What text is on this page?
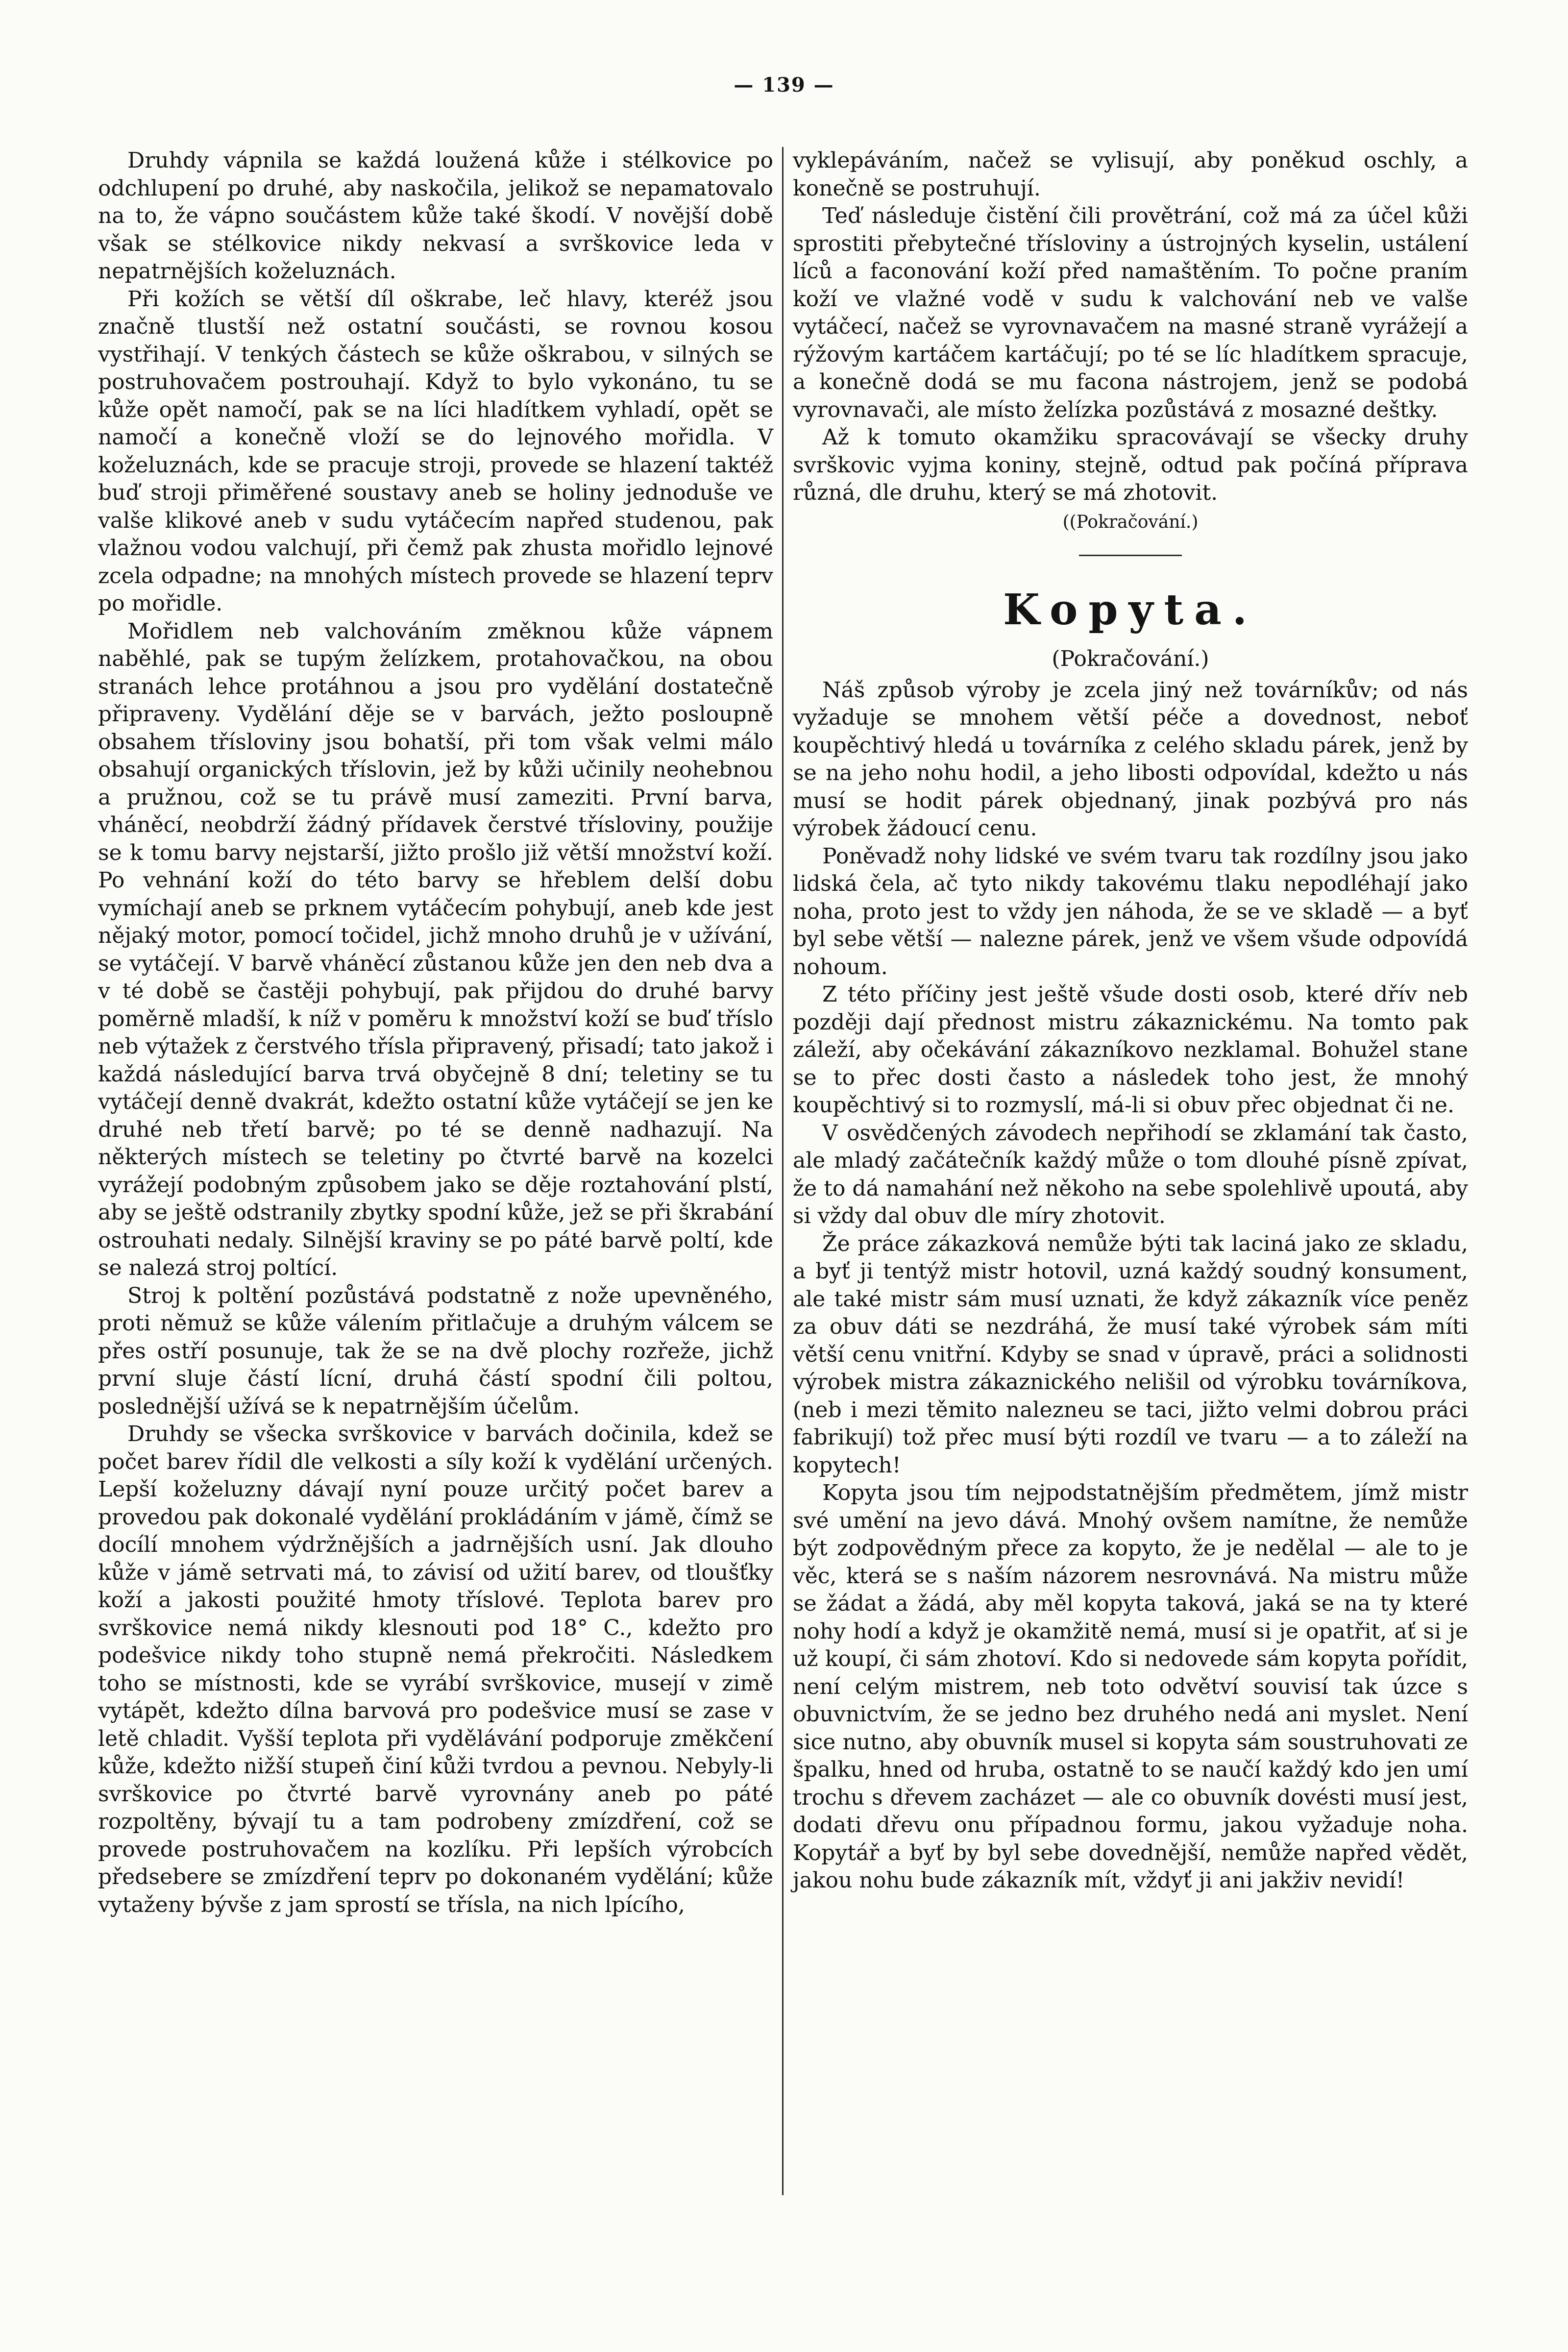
— 139 —

Druhdy vápnila se každá loužená kůže i stélkovice po odchlupení po druhé, aby naskočila, jelikož se nepamatovalo na to, že vápno součástem kůže také škodí. V novější době však se stélkovice nikdy nekvasí a svrškovice leda v nepatrnějších koželuznách.

Při kožích se větší díl oškrabe, leč hlavy, kteréž jsou značně tlustší než ostatní součásti, se rovnou kosou vystřihají. V tenkých částech se kůže oškrabou, v silných se postruhovačem postrouhají. Když to bylo vykonáno, tu se kůže opět namočí, pak se na líci hladítkem vyhladí, opět se namočí a konečně vloží se do lejnového mořidla. V koželuznách, kde se pracuje stroji, provede se hlazení taktéž buď stroji přiměřené soustavy aneb se holiny jednoduše ve valše klikové aneb v sudu vytáčecím napřed studenou, pak vlažnou vodou valchují, při čemž pak zhusta mořidlo lejnové zcela odpadne; na mnohých místech provede se hlazení teprv po mořidle.

Mořidlem neb valchováním změknou kůže vápnem naběhlé, pak se tupým želízkem, protahovačkou, na obou stranách lehce protáhnou a jsou pro vydělání dostatečně připraveny. Vydělání děje se v barvách, ježto posloupně obsahem třísloviny jsou bohatší, při tom však velmi málo obsahují organických tříslovin, jež by kůži učinily neohebnou a pružnou, což se tu právě musí zameziti. První barva, vháněcí, neobdrží žádný přídavek čerstvé třísloviny, použije se k tomu barvy nejstarší, jižto prošlo již větší množství koží. Po vehnání koží do této barvy se hřeblem delší dobu vymíchají aneb se prknem vytáčecím pohybují, aneb kde jest nějaký motor, pomocí točidel, jichž mnoho druhů je v užívání, se vytáčejí. V barvě vháněcí zůstanou kůže jen den neb dva a v té době se častěji pohybují, pak přijdou do druhé barvy poměrně mladší, k níž v poměru k množství koží se buď tříslo neb výtažek z čerstvého třísla připravený, přisadí; tato jakož i každá následující barva trvá obyčejně 8 dní; teletiny se tu vytáčejí denně dvakrát, kdežto ostatní kůže vytáčejí se jen ke druhé neb třetí barvě; po té se denně nadhazují. Na některých místech se teletiny po čtvrté barvě na kozelci vyrážejí podobným způsobem jako se děje roztahování plstí, aby se ještě odstranily zbytky spodní kůže, jež se při škrabání ostrouhati nedaly. Silnější kraviny se po páté barvě poltí, kde se nalezá stroj poltící.

Stroj k poltění pozůstává podstatně z nože upevněného, proti němuž se kůže válením přitlačuje a druhým válcem se přes ostří posunuje, tak že se na dvě plochy rozřeže, jichž první sluje částí lícní, druhá částí spodní čili poltou, poslednější užívá se k nepatrnějším účelům.

Druhdy se všecka svrškovice v barvách dočinila, kdež se počet barev řídil dle velkosti a síly koží k vydělání určených. Lepší koželuzny dávají nyní pouze určitý počet barev a provedou pak dokonalé vydělání prokládáním v jámě, čímž se docílí mnohem výdržnějších a jadrnějších usní. Jak dlouho kůže v jámě setrvati má, to závisí od užití barev, od tloušťky koží a jakosti použité hmoty tříslové. Teplota barev pro svrškovice nemá nikdy klesnouti pod 18° C., kdežto pro podešvice nikdy toho stupně nemá překročiti. Následkem toho se místnosti, kde se vyrábí svrškovice, musejí v zimě vytápět, kdežto dílna barvová pro podešvice musí se zase v letě chladit. Vyšší teplota při vydělávání podporuje změkčení kůže, kdežto nižší stupeň činí kůži tvrdou a pevnou. Nebyly-li svrškovice po čtvrté barvě vyrovnány aneb po páté rozpoltěny, bývají tu a tam podrobeny zmízdření, což se provede postruhovačem na kozlíku. Při lepších výrobcích předsebere se zmízdření teprv po dokonaném vydělání; kůže vytaženy bývše z jam sprostí se třísla, na nich lpícího,

vyklepáváním, načež se vylisují, aby poněkud oschly, a konečně se postruhují.

Teď následuje čistění čili provětrání, což má za účel kůži sprostiti přebytečné třísloviny a ústrojných kyselin, ustálení líců a faconování koží před namaštěním. To počne praním koží ve vlažné vodě v sudu k valchování neb ve valše vytáčecí, načež se vyrovnavačem na masné straně vyrážejí a rýžovým kartáčem kartáčují; po té se líc hladítkem spracuje, a konečně dodá se mu facona nástrojem, jenž se podobá vyrovnavači, ale místo želízka pozůstává z mosazné deštky.

Až k tomuto okamžiku spracovávají se všecky druhy svrškovic vyjma koniny, stejně, odtud pak počíná příprava různá, dle druhu, který se má zhotovit.

((Pokračování.)
Kopyta.
(Pokračování.)

Náš způsob výroby je zcela jiný než továrníkův; od nás vyžaduje se mnohem větší péče a dovednost, neboť koupěchtivý hledá u továrníka z celého skladu párek, jenž by se na jeho nohu hodil, a jeho libosti odpovídal, kdežto u nás musí se hodit párek objednaný, jinak pozbývá pro nás výrobek žádoucí cenu.

Poněvadž nohy lidské ve svém tvaru tak rozdílny jsou jako lidská čela, ač tyto nikdy takovému tlaku nepodléhají jako noha, proto jest to vždy jen náhoda, že se ve skladě — a byť byl sebe větší — nalezne párek, jenž ve všem všude odpovídá nohoum.

Z této příčiny jest ještě všude dosti osob, které dřív neb později dají přednost mistru zákaznickému. Na tomto pak záleží, aby očekávání zákazníkovo nezklamal. Bohužel stane se to přec dosti často a následek toho jest, že mnohý koupěchtivý si to rozmyslí, má-li si obuv přec objednat či ne.

V osvědčených závodech nepřihodí se zklamání tak často, ale mladý začátečník každý může o tom dlouhé písně zpívat, že to dá namahání než někoho na sebe spolehlivě upoutá, aby si vždy dal obuv dle míry zhotovit.

Že práce zákazková nemůže býti tak laciná jako ze skladu, a byť ji tentýž mistr hotovil, uzná každý soudný konsument, ale také mistr sám musí uznati, že když zákazník více peněz za obuv dáti se nezdráhá, že musí také výrobek sám míti větší cenu vnitřní. Kdyby se snad v úpravě, práci a solidnosti výrobek mistra zákaznického nelišil od výrobku továrníkova, (neb i mezi těmito nalezneu se taci, jižto velmi dobrou práci fabrikují) tož přec musí býti rozdíl ve tvaru — a to záleží na kopytech!

Kopyta jsou tím nejpodstatnějším předmětem, jímž mistr své umění na jevo dává. Mnohý ovšem namítne, že nemůže být zodpovědným přece za kopyto, že je nedělal — ale to je věc, která se s naším názorem nesrovnává. Na mistru může se žádat a žádá, aby měl kopyta taková, jaká se na ty které nohy hodí a když je okamžitě nemá, musí si je opatřit, ať si je už koupí, či sám zhotoví. Kdo si nedovede sám kopyta pořídit, není celým mistrem, neb toto odvětví souvisí tak úzce s obuvnictvím, že se jedno bez druhého nedá ani myslet. Není sice nutno, aby obuvník musel si kopyta sám soustruhovati ze špalku, hned od hruba, ostatně to se naučí každý kdo jen umí trochu s dřevem zacházet — ale co obuvník dovésti musí jest, dodati dřevu onu případnou formu, jakou vyžaduje noha. Kopytář a byť by byl sebe dovednější, nemůže napřed vědět, jakou nohu bude zákazník mít, vždyť ji ani jakživ nevidí!
